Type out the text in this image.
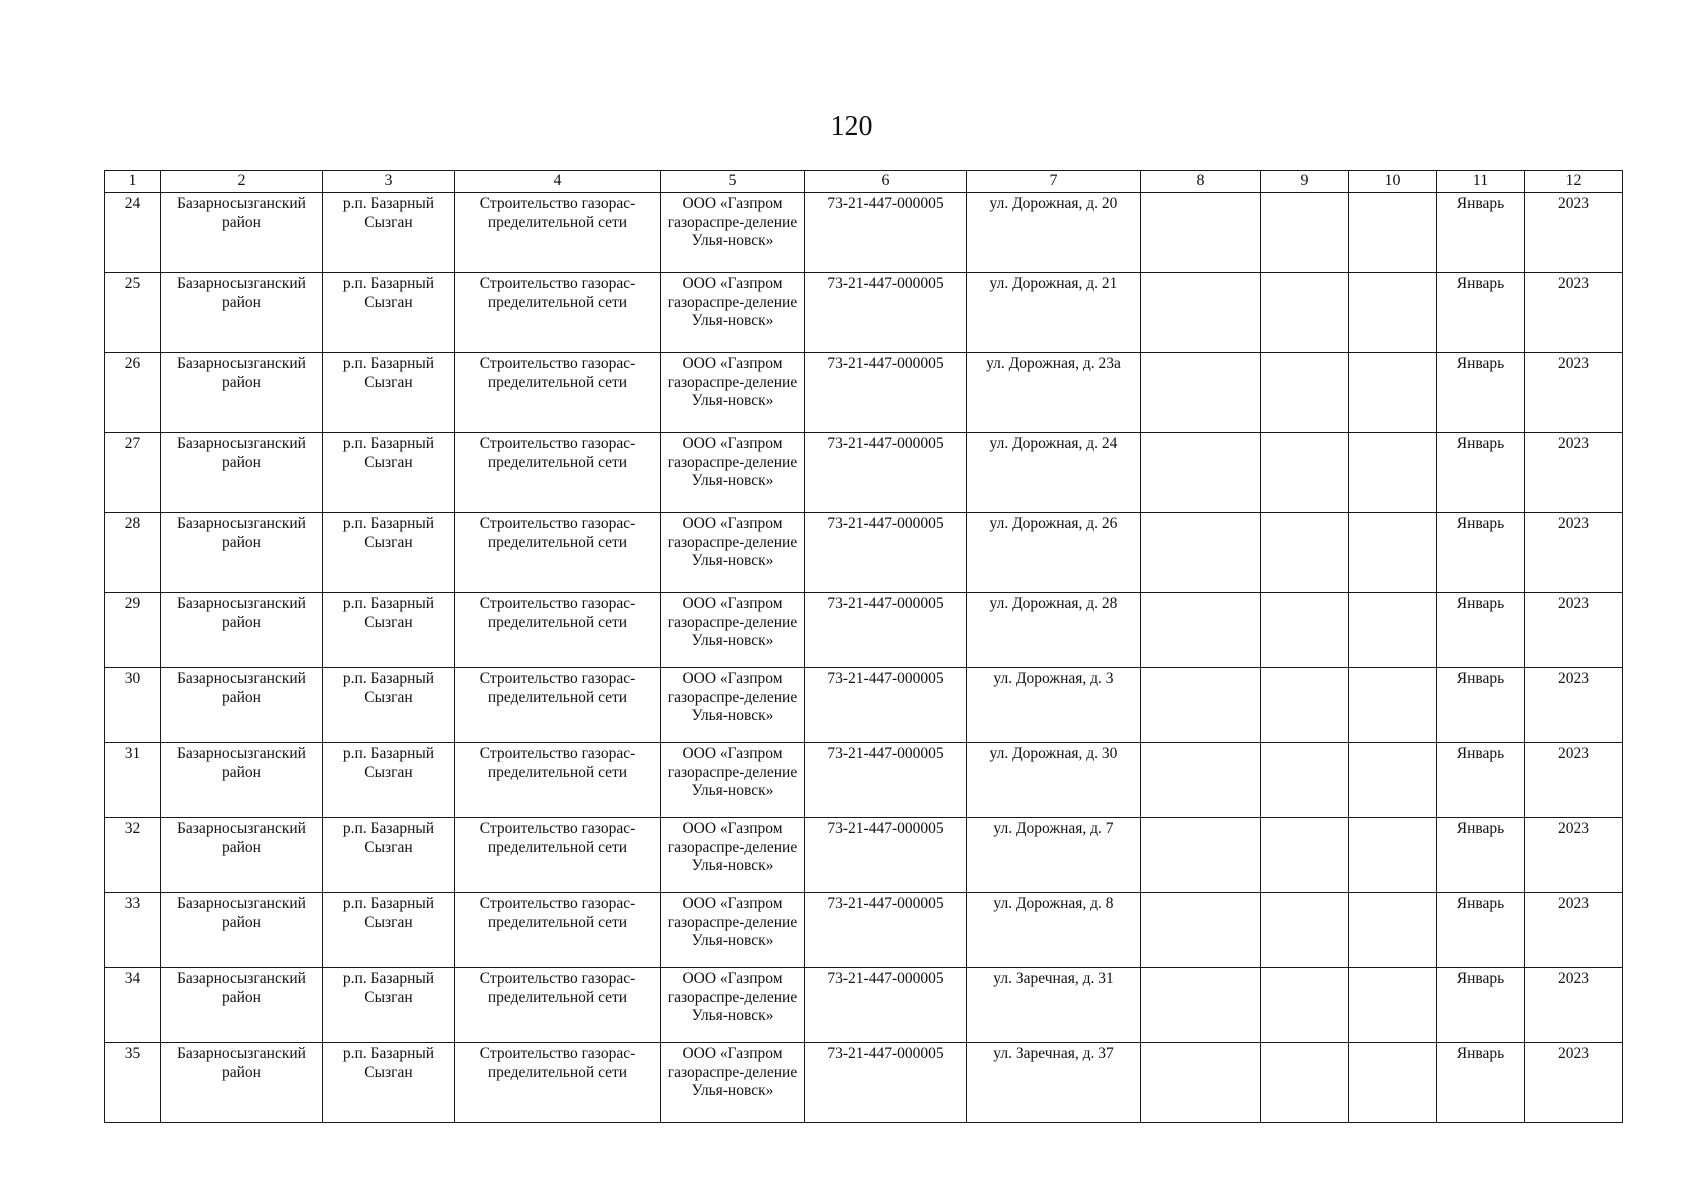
120
1	2	3	4	5	6	7	8	9	10	11	12
24	Базарносызганский район	р.п. Базарный Сызган	Строительство газорас-пределительной сети	ООО «Газпром газораспре-деление Улья-новск»	73-21-447-000005	ул. Дорожная, д. 20				Январь	2023
25	Базарносызганский район	р.п. Базарный Сызган	Строительство газорас-пределительной сети	ООО «Газпром газораспре-деление Улья-новск»	73-21-447-000005	ул. Дорожная, д. 21				Январь	2023
26	Базарносызганский район	р.п. Базарный Сызган	Строительство газорас-пределительной сети	ООО «Газпром газораспре-деление Улья-новск»	73-21-447-000005	ул. Дорожная, д. 23а				Январь	2023
27	Базарносызганский район	р.п. Базарный Сызган	Строительство газорас-пределительной сети	ООО «Газпром газораспре-деление Улья-новск»	73-21-447-000005	ул. Дорожная, д. 24				Январь	2023
28	Базарносызганский район	р.п. Базарный Сызган	Строительство газорас-пределительной сети	ООО «Газпром газораспре-деление Улья-новск»	73-21-447-000005	ул. Дорожная, д. 26				Январь	2023
29	Базарносызганский район	р.п. Базарный Сызган	Строительство газорас-пределительной сети	ООО «Газпром газораспре-деление Улья-новск»	73-21-447-000005	ул. Дорожная, д. 28				Январь	2023
30	Базарносызганский район	р.п. Базарный Сызган	Строительство газорас-пределительной сети	ООО «Газпром газораспре-деление Улья-новск»	73-21-447-000005	ул. Дорожная, д. 3				Январь	2023
31	Базарносызганский район	р.п. Базарный Сызган	Строительство газорас-пределительной сети	ООО «Газпром газораспре-деление Улья-новск»	73-21-447-000005	ул. Дорожная, д. 30				Январь	2023
32	Базарносызганский район	р.п. Базарный Сызган	Строительство газорас-пределительной сети	ООО «Газпром газораспре-деление Улья-новск»	73-21-447-000005	ул. Дорожная, д. 7				Январь	2023
33	Базарносызганский район	р.п. Базарный Сызган	Строительство газорас-пределительной сети	ООО «Газпром газораспре-деление Улья-новск»	73-21-447-000005	ул. Дорожная, д. 8				Январь	2023
34	Базарносызганский район	р.п. Базарный Сызган	Строительство газорас-пределительной сети	ООО «Газпром газораспре-деление Улья-новск»	73-21-447-000005	ул. Заречная, д. 31				Январь	2023
35	Базарносызганский район	р.п. Базарный Сызган	Строительство газорас-пределительной сети	ООО «Газпром газораспре-деление Улья-новск»	73-21-447-000005	ул. Заречная, д. 37				Январь	2023
